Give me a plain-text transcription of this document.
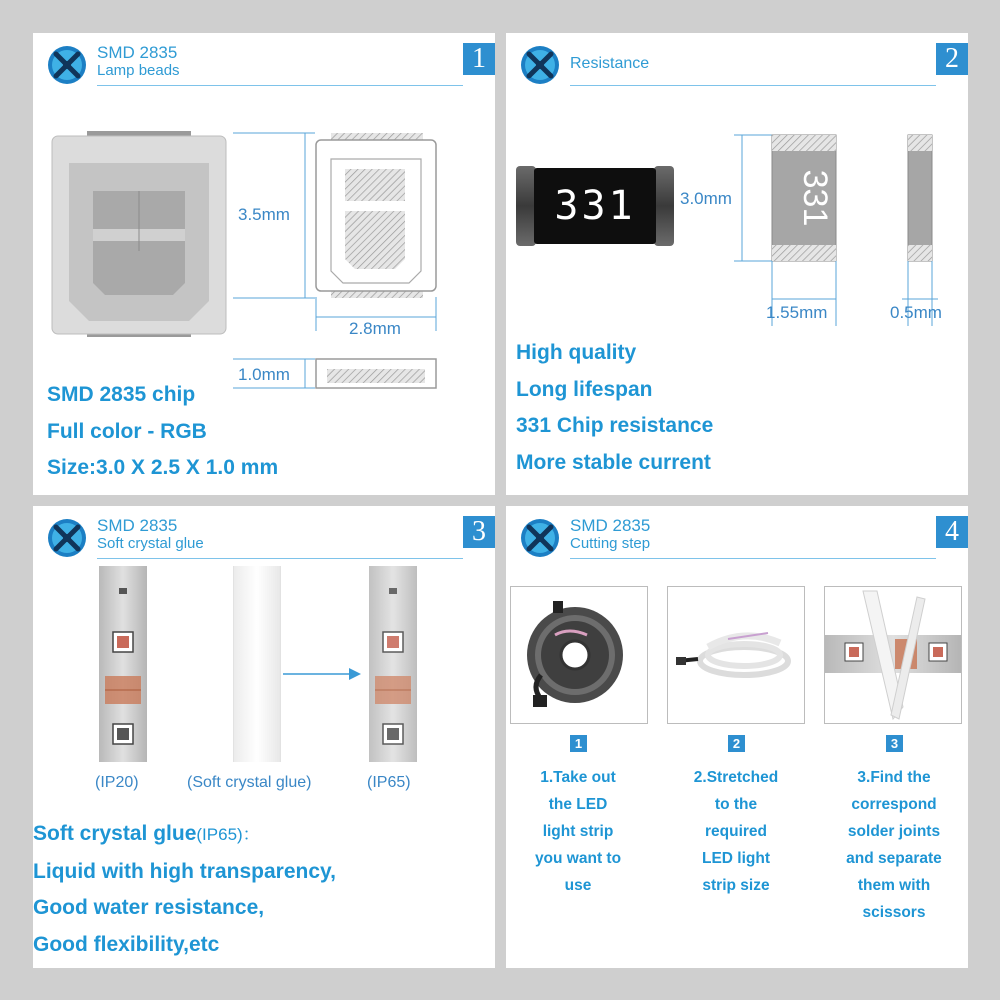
SMD 2835
Lamp beads	1
3.5mm
2.8mm
1.0mm
SMD 2835 chip
Full color - RGB
Size:3.0 X 2.5 X 1.0 mm
Resistance	2
331	3.0mm 331
1.55mm	0.5mm
High quality
Long lifespan
331 Chip resistance
More stable current
SMD 2835
Soft crystal glue	3
(IP20)	(Soft crystal glue)	(IP65)
Soft crystal glue(IP65)：
Liquid with high transparency,
Good water resistance,
Good flexibility,etc
SMD 2835
Cutting step	4
1	2	3
1.Take out the LED light strip you want to use
2.Stretched to the required LED light strip size
3.Find the correspond solder joints and separate them with scissors
